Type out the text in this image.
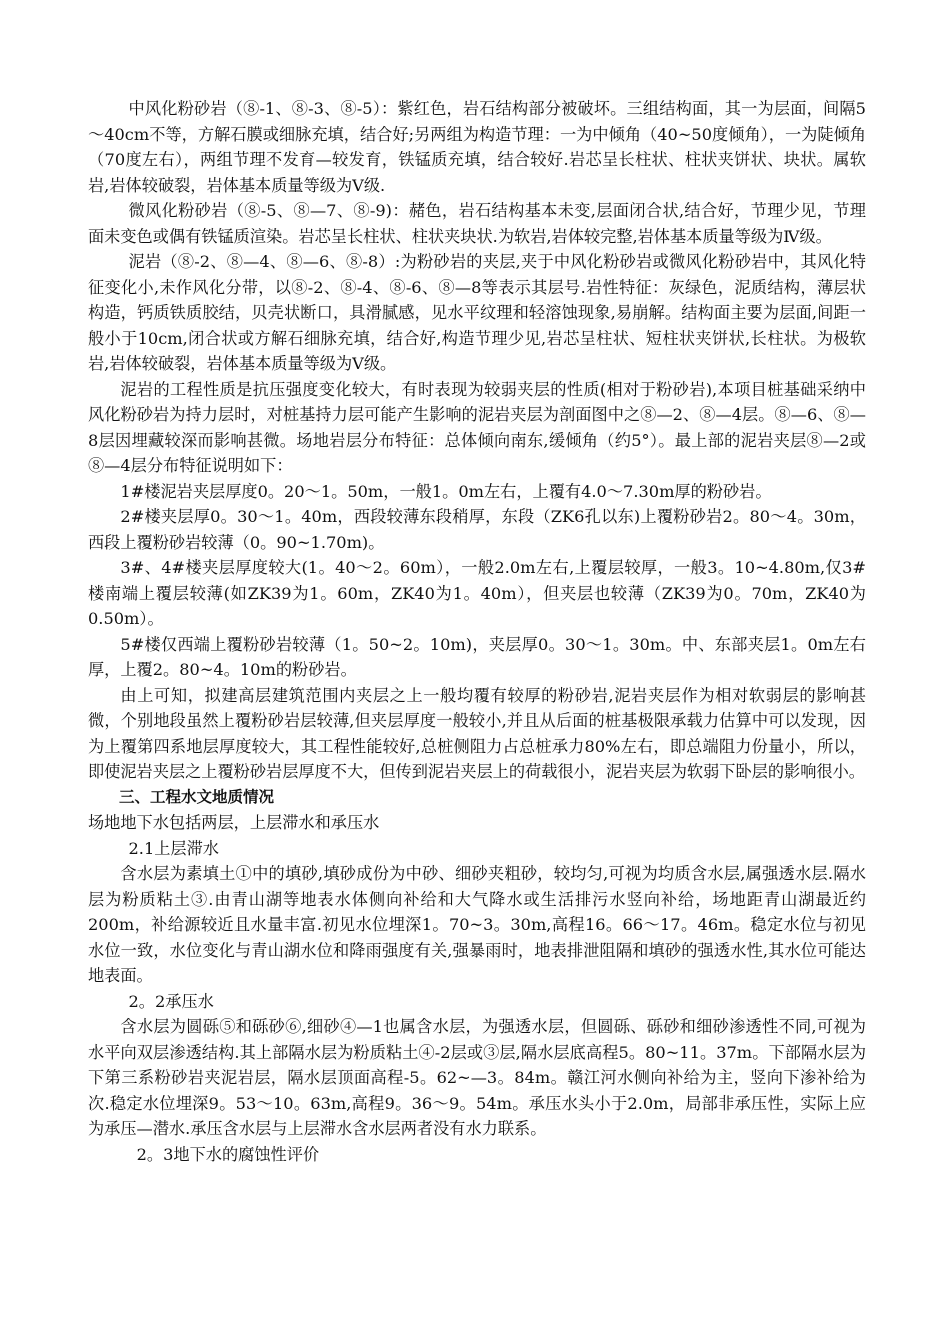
中风化粉砂岩（⑧-1、⑧-3、⑧-5）：紫红色，岩石结构部分被破坏。三组结构面，其一为层面，间隔5～40cm不等，方解石膜或细脉充填，结合好;另两组为构造节理：一为中倾角（40~50度倾角），一为陡倾角（70度左右），两组节理不发育—较发育，铁锰质充填，结合较好.岩芯呈长柱状、柱状夹饼状、块状。属软岩,岩体较破裂，岩体基本质量等级为Ⅴ级.

微风化粉砂岩（⑧-5、⑧—7、⑧-9)：赭色，岩石结构基本未变,层面闭合状,结合好，节理少见，节理面未变色或偶有铁锰质渲染。岩芯呈长柱状、柱状夹块状.为软岩,岩体较完整,岩体基本质量等级为Ⅳ级。

泥岩（⑧-2、⑧—4、⑧—6、⑧-8）:为粉砂岩的夹层,夹于中风化粉砂岩或微风化粉砂岩中，其风化特征变化小,未作风化分带，以⑧-2、⑧-4、⑧-6、⑧—8等表示其层号.岩性特征：灰绿色，泥质结构，薄层状构造，钙质铁质胶结，贝壳状断口，具滑腻感，见水平纹理和轻溶蚀现象,易崩解。结构面主要为层面,间距一般小于10cm,闭合状或方解石细脉充填，结合好,构造节理少见,岩芯呈柱状、短柱状夹饼状,长柱状。为极软岩,岩体较破裂，岩体基本质量等级为Ⅴ级。

泥岩的工程性质是抗压强度变化较大，有时表现为较弱夹层的性质(相对于粉砂岩),本项目桩基础采纳中风化粉砂岩为持力层时，对桩基持力层可能产生影响的泥岩夹层为剖面图中之⑧—2、⑧—4层。⑧—6、⑧—8层因埋藏较深而影响甚微。场地岩层分布特征：总体倾向南东,缓倾角（约5°）。最上部的泥岩夹层⑧—2或⑧—4层分布特征说明如下：

1#楼泥岩夹层厚度0。20～1。50m，一般1。0m左右，上覆有4.0～7.30m厚的粉砂岩。

2#楼夹层厚0。30～1。40m，西段较薄东段稍厚，东段（ZK6孔以东)上覆粉砂岩2。80～4。30m，西段上覆粉砂岩较薄（0。90~1.70m)。

3#、4#楼夹层厚度较大(1。40～2。60m），一般2.0m左右,上覆层较厚，一般3。10~4.80m,仅3#楼南端上覆层较薄(如ZK39为1。60m，ZK40为1。40m），但夹层也较薄（ZK39为0。70m，ZK40为0.50m）。

5#楼仅西端上覆粉砂岩较薄（1。50~2。10m)，夹层厚0。30～1。30m。中、东部夹层1。0m左右厚，上覆2。80~4。10m的粉砂岩。

由上可知，拟建高层建筑范围内夹层之上一般均覆有较厚的粉砂岩,泥岩夹层作为相对软弱层的影响甚微，个别地段虽然上覆粉砂岩层较薄,但夹层厚度一般较小,并且从后面的桩基极限承载力估算中可以发现，因为上覆第四系地层厚度较大，其工程性能较好,总桩侧阻力占总桩承力80%左右，即总端阻力份量小，所以，即使泥岩夹层之上覆粉砂岩层厚度不大，但传到泥岩夹层上的荷载很小，泥岩夹层为软弱下卧层的影响很小。

三、工程水文地质情况

场地地下水包括两层，上层滞水和承压水

2.1上层滞水

含水层为素填土①中的填砂,填砂成份为中砂、细砂夹粗砂，较均匀,可视为均质含水层,属强透水层.隔水层为粉质粘土③.由青山湖等地表水体侧向补给和大气降水或生活排污水竖向补给，场地距青山湖最近约200m，补给源较近且水量丰富.初见水位埋深1。70~3。30m,高程16。66～17。46m。稳定水位与初见水位一致，水位变化与青山湖水位和降雨强度有关,强暴雨时，地表排泄阻隔和填砂的强透水性,其水位可能达地表面。

2。2承压水

含水层为圆砾⑤和砾砂⑥,细砂④—1也属含水层，为强透水层，但圆砾、砾砂和细砂渗透性不同,可视为水平向双层渗透结构.其上部隔水层为粉质粘土④-2层或③层,隔水层底高程5。80~11。37m。下部隔水层为下第三系粉砂岩夹泥岩层，隔水层顶面高程-5。62~—3。84m。赣江河水侧向补给为主，竖向下渗补给为次.稳定水位埋深9。53～10。63m,高程9。36～9。54m。承压水头小于2.0m，局部非承压性，实际上应为承压—潜水.承压含水层与上层滞水含水层两者没有水力联系。

2。3地下水的腐蚀性评价
